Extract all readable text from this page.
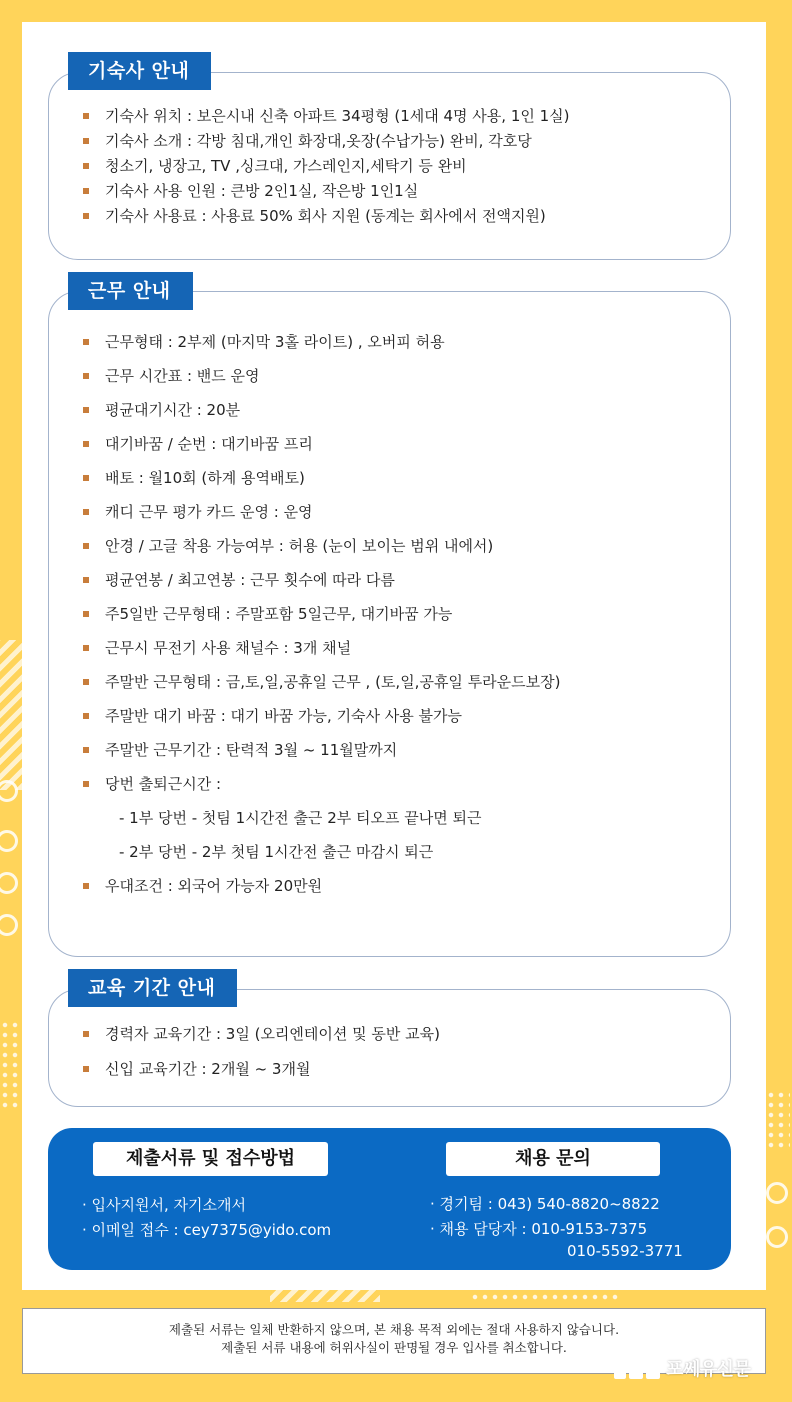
기숙사 안내
기숙사 위치 : 보은시내 신축 아파트 34평형 (1세대 4명 사용, 1인 1실)
기숙사 소개 : 각방 침대,개인 화장대,옷장(수납가능) 완비, 각호당
청소기, 냉장고, TV ,싱크대, 가스레인지,세탁기 등 완비
기숙사 사용 인원 : 큰방 2인1실, 작은방 1인1실
기숙사 사용료 : 사용료 50% 회사 지원 (동계는 회사에서 전액지원)
근무 안내
근무형태 : 2부제 (마지막 3홀 라이트) , 오버피 허용
근무 시간표 : 밴드 운영
평균대기시간 : 20분
대기바꿈 / 순번 : 대기바꿈 프리
배토 : 월10회 (하계 용역배토)
캐디 근무 평가 카드 운영 : 운영
안경 / 고글 착용 가능여부 : 허용 (눈이 보이는 범위 내에서)
평균연봉 / 최고연봉 : 근무 횟수에 따라 다름
주5일반 근무형태 : 주말포함 5일근무, 대기바꿈 가능
근무시 무전기 사용 채널수 : 3개 채널
주말반 근무형태 : 금,토,일,공휴일 근무 , (토,일,공휴일 투라운드보장)
주말반 대기 바꿈 : 대기 바꿈 가능, 기숙사 사용 불가능
주말반 근무기간 : 탄력적 3월 ~ 11월말까지
당번 출퇴근시간 :
- 1부 당번 - 첫팀 1시간전 출근 2부 티오프 끝나면 퇴근
- 2부 당번 - 2부 첫팀 1시간전 출근 마감시 퇴근
우대조건 : 외국어 가능자 20만원
교육 기간 안내
경력자 교육기간 : 3일 (오리엔테이션 및 동반 교육)
신입 교육기간 : 2개월 ~ 3개월
제출서류 및 접수방법	채용 문의
· 입사지원서, 자기소개서
· 이메일 접수 : cey7375@yido.com
· 경기팀 : 043) 540-8820~8822
· 채용 담당자 : 010-9153-7375
010-5592-3771
제출된 서류는 일체 반환하지 않으며, 본 채용 목적 외에는 절대 사용하지 않습니다.
제출된 서류 내용에 허위사실이 판명될 경우 입사를 취소합니다.
포쎄유신문
